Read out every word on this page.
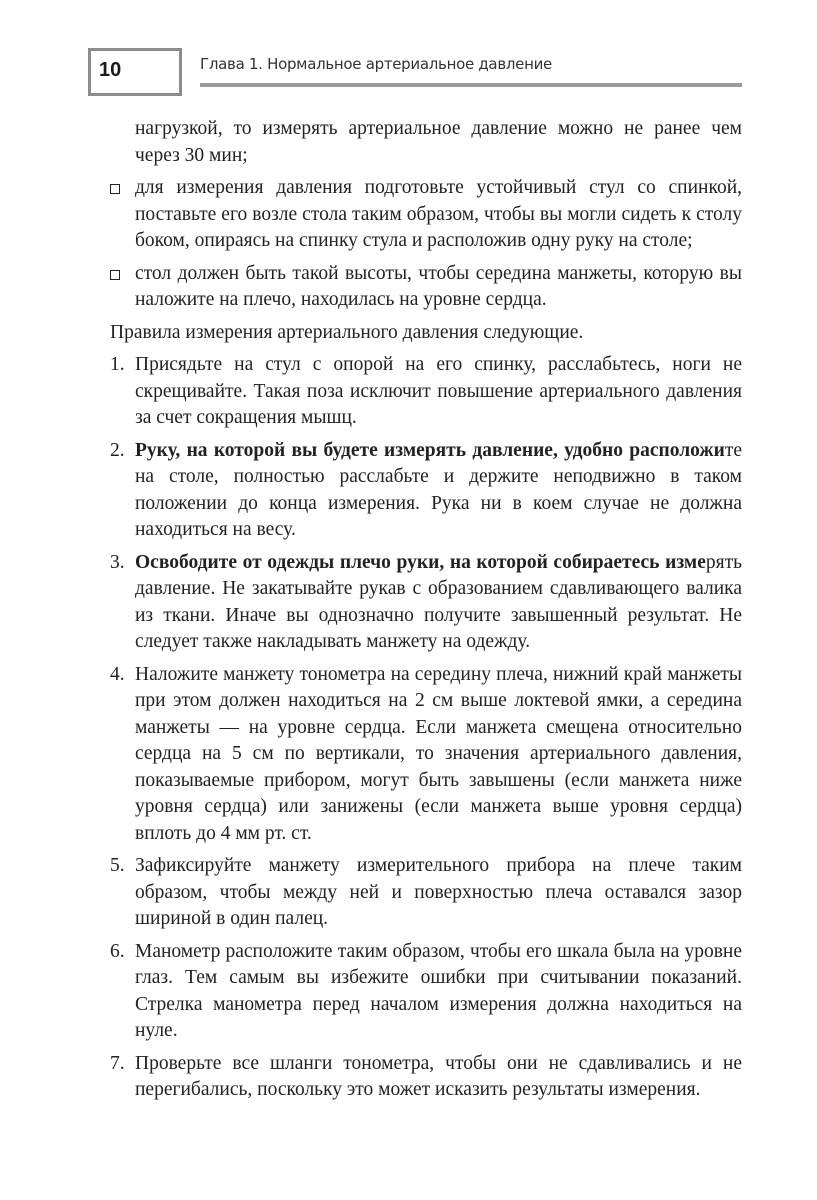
10	Глава 1. Нормальное артериальное давление

нагрузкой, то измерять артериальное давление можно не ранее чем через 30 мин;

для измерения давления подготовьте устойчивый стул со спинкой, поставьте его возле стола таким образом, чтобы вы могли сидеть к столу боком, опираясь на спинку стула и расположив одну руку на столе;
стол должен быть такой высоты, чтобы середина манжеты, которую вы наложите на плечо, находилась на уровне сердца.

Правила измерения артериального давления следующие.

1. Присядьте на стул с опорой на его спинку, расслабьтесь, ноги не скрещивайте. Такая поза исключит повышение артериального давления за счет сокращения мышц.
2. Руку, на которой вы будете измерять давление, удобно расположите на столе, полностью расслабьте и держите неподвижно в таком положении до конца измерения. Рука ни в коем случае не должна находиться на весу.
3. Освободите от одежды плечо руки, на которой собираетесь измерять давление. Не закатывайте рукав с образованием сдавливающего валика из ткани. Иначе вы однозначно получите завышенный результат. Не следует также накладывать манжету на одежду.
4. Наложите манжету тонометра на середину плеча, нижний край манжеты при этом должен находиться на 2 см выше локтевой ямки, а середина манжеты — на уровне сердца. Если манжета смещена относительно сердца на 5 см по вертикали, то значения артериального давления, показываемые прибором, могут быть завышены (если манжета ниже уровня сердца) или занижены (если манжета выше уровня сердца) вплоть до 4 мм рт. ст.
5. Зафиксируйте манжету измерительного прибора на плече таким образом, чтобы между ней и поверхностью плеча оставался зазор шириной в один палец.
6. Манометр расположите таким образом, чтобы его шкала была на уровне глаз. Тем самым вы избежите ошибки при считывании показаний. Стрелка манометра перед началом измерения должна находиться на нуле.
7. Проверьте все шланги тонометра, чтобы они не сдавливались и не перегибались, поскольку это может исказить результаты измерения.
